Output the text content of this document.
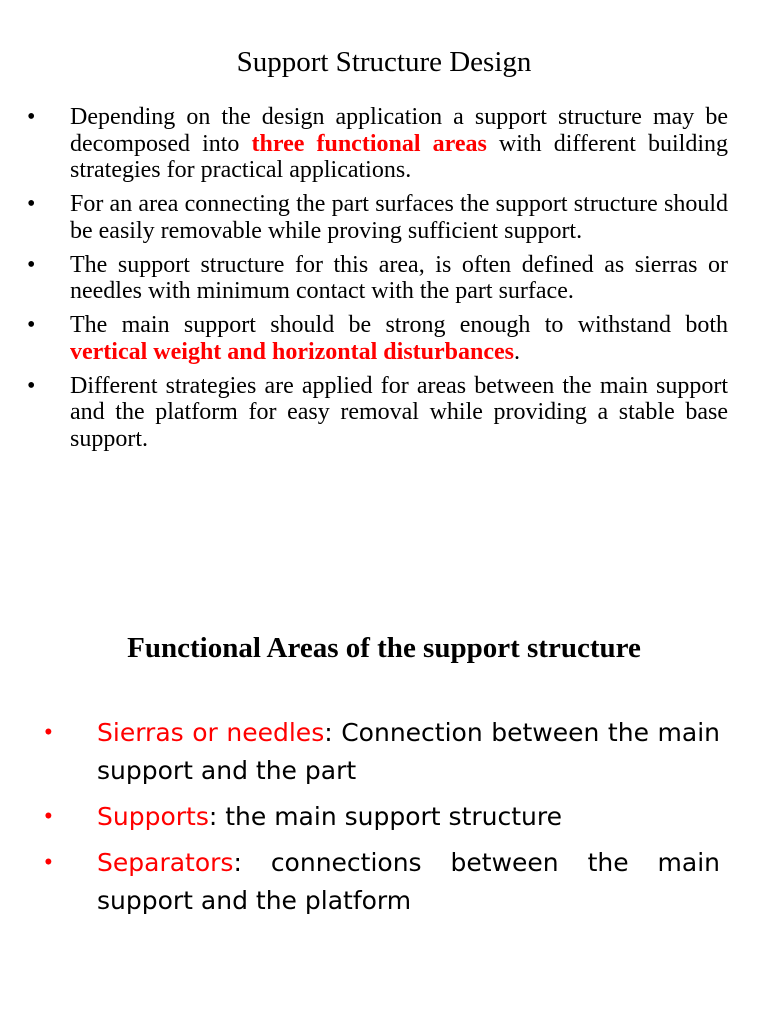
Support Structure Design
• Depending on the design application a support structure may be decomposed into three functional areas with different building strategies for practical applications.
• For an area connecting the part surfaces the support structure should be easily removable while proving sufficient support.
• The support structure for this area, is often defined as sierras or needles with minimum contact with the part surface.
• The main support should be strong enough to withstand both vertical weight and horizontal disturbances.
• Different strategies are applied for areas between the main support and the platform for easy removal while providing a stable base support.
Functional Areas of the support structure
• Sierras or needles: Connection between the main support and the part
• Supports: the main support structure
• Separators: connections between the main support and the platform
